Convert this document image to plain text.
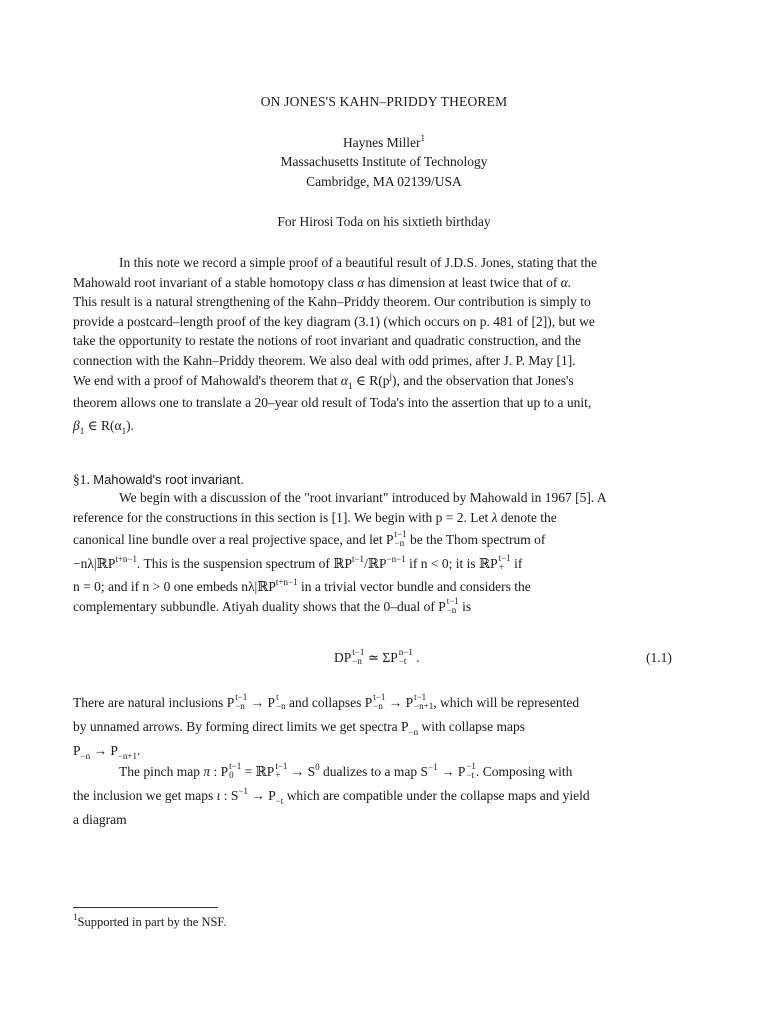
ON JONES'S KAHN–PRIDDY THEOREM
Haynes Miller$^1$
Massachusetts Institute of Technology
Cambridge, MA 02139/USA
For Hirosi Toda on his sixtieth birthday
In this note we record a simple proof of a beautiful result of J.D.S. Jones, stating that the
Mahowald root invariant of a stable homotopy class α has dimension at least twice that of α.
This result is a natural strengthening of the Kahn–Priddy theorem. Our contribution is simply to
provide a postcard–length proof of the key diagram (3.1) (which occurs on p. 481 of [2]), but we
take the opportunity to restate the notions of root invariant and quadratic construction, and the
connection with the Kahn–Priddy theorem. We also deal with odd primes, after J. P. May [1].
We end with a proof of Mahowald's theorem that $\alpha_1$ ∈ $R(p^j)$, and the observation that Jones's
theorem allows one to translate a 20–year old result of Toda's into the assertion that up to a unit,
$\beta_1$ ∈ $R(\alpha_1)$.
§1. Mahowald's root invariant.
We begin with a discussion of the "root invariant" introduced by Mahowald in 1967 [5]. A
reference for the constructions in this section is [1]. We begin with p = 2. Let λ denote the
canonical line bundle over a real projective space, and let P t−1
−n be the Thom spectrum of
−nλ|ℝP$^{t+n-1}$. This is the suspension spectrum of ℝP$^{t-1}$/ℝP$^{-n-1}$ if n < 0; it is ℝP t−1
+ if
n = 0; and if n > 0 one embeds nλ|ℝP$^{t+n-1}$ in a trivial vector bundle and considers the
complementary subbundle. Atiyah duality shows that the 0–dual of P t−1
−n is
DP t−1
−n ≃ ΣP n−1
−t .	(1.1)
There are natural inclusions P t−1
−n → P t
−n and collapses P t−1
−n → P t−1
−n+1 , which will be represented
by unnamed arrows. By forming direct limits we get spectra $P_{-n}$ with collapse maps
$P_{-n} \to P_{-n+1}$.
The pinch map π : P t−1
0 = ℝP t−1
+ → $S^0$ dualizes to a map $S^{-1} \to P -1$
−t . Composing with
the inclusion we get maps ι : $S^{-1} \to P_{-t}$ which are compatible under the collapse maps and yield
a diagram
$^1$Supported in part by the NSF.
